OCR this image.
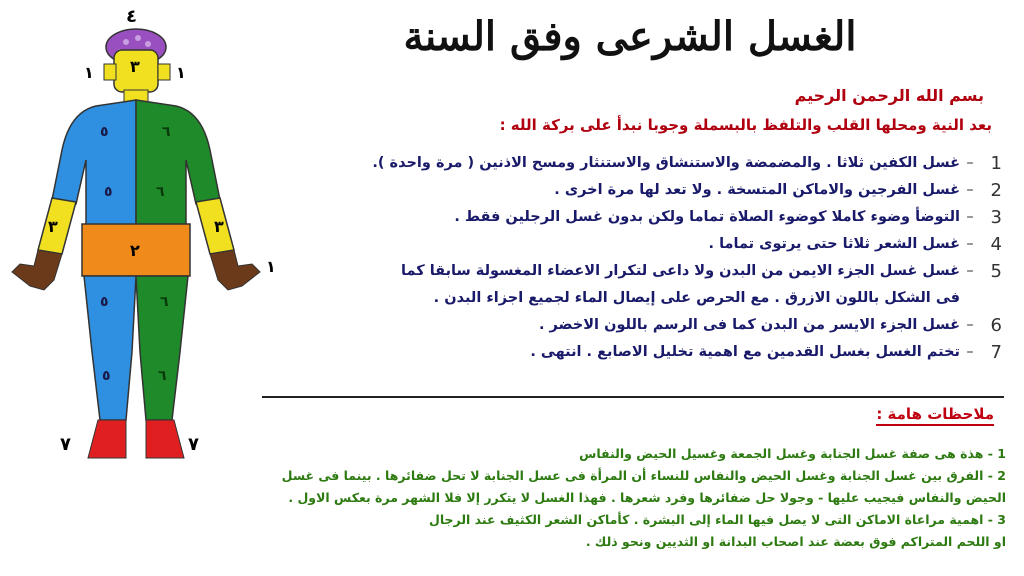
الغسل الشرعى وفق السنة
٤
١	١
٣
٣	٣
٢
١
٧	٧
٥
٥
٥
٥
٦
٦
٦
٦
بسم الله الرحمن الرحيم
بعد النية ومحلها القلب والتلفظ بالبسملة وجوبا نبدأ على بركة الله :
1
–
غسل الكفين ثلاثا . والمضمضة والاستنشاق والاستنثار ومسح الاذنين ( مرة واحدة ).
2
–
غسل الفرجين والاماكن المتسخة . ولا تعد لها مرة اخرى .
3
–
التوضأ وضوء كاملا كوضوء الصلاة تماما ولكن بدون غسل الرجلين فقط .
4
–
غسل الشعر ثلاثا حتى يرتوى تماما .
5
–
غسل غسل الجزء الايمن من البدن ولا داعى لتكرار الاعضاء المغسولة سابقا كما
فى الشكل باللون الازرق . مع الحرص على إيصال الماء لجميع اجزاء البدن .
6
–
غسل الجزء الايسر من البدن كما فى الرسم باللون الاخضر .
7
–
تختم الغسل بغسل القدمين مع اهمية تخليل الاصابع . انتهى .
ملاحظات هامة :
1 - هذة هى صفة غسل الجنابة وغسل الجمعة وغسيل الحيض والنفاس
2 - الفرق بين غسل الجنابة وغسل الحيض والنفاس للنساء أن المرأة فى عسل الجنابة لا تحل ضفائرها . بينما فى غسل
الحيض والنفاس فيجيب عليها - وجولا حل ضفائرها وفرد شعرها . فهذا الغسل لا يتكرر إلا فلا الشهر مرة بعكس الاول .
3 - اهمية مراعاة الاماكن التى لا يصل فيها الماء إلى البشرة . كأماكن الشعر الكثيف عند الرجال
او اللحم المتراكم فوق بعضة عند اصحاب البدانة او الثديين ونحو ذلك .
